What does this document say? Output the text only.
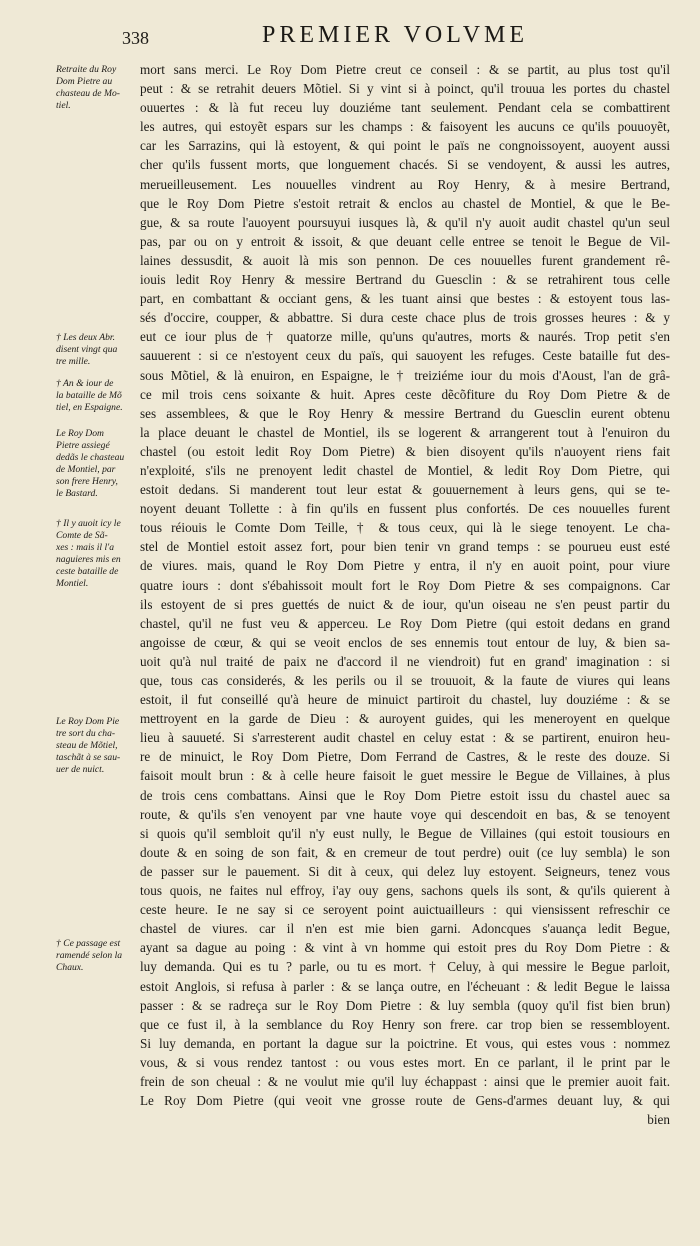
338	PREMIER VOLVME
Retraite du Roy
Dom Pietre au
chasteau de Mo-
tiel.
† Les deux Abr.
disent vingt qua
tre mille.
† An & iour de
la bataille de Mõ
tiel, en Espaigne.
Le Roy Dom
Pietre assiegé
dedãs le chasteau
de Montiel, par
son frere Henry,
le Bastard.
† Il y auoit icy le
Comte de Sã-
xes : mais il l'a
naguieres mis en
ceste bataille de
Montiel.
Le Roy Dom Pie
tre sort du cha-
steau de Mõtiel,
taschãt à se sau-
uer de nuict.
† Ce passage est
ramendé selon la
Chaux.
mort sans merci. Le Roy Dom Pietre creut ce conseil : & se partit, au plus tost qu'il
peut : & se retrahit deuers Mõtiel. Si y vint si à poinct, qu'il trouua les portes du chastel
ouuertes : & là fut receu luy douziéme tant seulement. Pendant cela se combattirent
les autres, qui estoyẽt espars sur les champs : & faisoyent les aucuns ce qu'ils pouuoyẽt,
car les Sarrazins, qui là estoyent, & qui point le païs ne congnoissoyent, auoyent aussi
cher qu'ils fussent morts, que longuement chacés. Si se vendoyent, & aussi les autres,
merueilleusement. Les nouuelles vindrent au Roy Henry, & à mesire Bertrand,
que le Roy Dom Pietre s'estoit retrait & enclos au chastel de Montiel, & que le Be-
gue, & sa route l'auoyent poursuyui iusques là, & qu'il n'y auoit audit chastel qu'un seul
pas, par ou on y entroit & issoit, & que deuant celle entree se tenoit le Begue de Vil-
laines dessusdit, & auoit là mis son pennon. De ces nouuelles furent grandement rê-
iouis ledit Roy Henry & messire Bertrand du Guesclin : & se retrahirent tous celle
part, en combattant & occiant gens, & les tuant ainsi que bestes : & estoyent tous las-
sés d'occire, coupper, & abbattre. Si dura ceste chace plus de trois grosses heures : & y
eut ce iour plus de † quatorze mille, qu'uns qu'autres, morts & naurés. Trop petit s'en
sauuerent : si ce n'estoyent ceux du païs, qui sauoyent les refuges. Ceste bataille fut des-
sous Mõtiel, & là enuiron, en Espaigne, le † treiziéme iour du mois d'Aoust, l'an de grâ-
ce mil trois cens soixante & huit. Apres ceste dẽcõfiture du Roy Dom Pietre & de
ses assemblees, & que le Roy Henry & messire Bertrand du Guesclin eurent obtenu
la place deuant le chastel de Montiel, ils se logerent & arrangerent tout à l'enuiron du
chastel (ou estoit ledit Roy Dom Pietre) & bien disoyent qu'ils n'auoyent riens fait
n'exploité, s'ils ne prenoyent ledit chastel de Montiel, & ledit Roy Dom Pietre, qui
estoit dedans. Si manderent tout leur estat & gouuernement à leurs gens, qui se te-
noyent deuant Tollette : à fin qu'ils en fussent plus confortés. De ces nouuelles furent
tous réiouis le Comte Dom Teille, † & tous ceux, qui là le siege tenoyent. Le cha-
stel de Montiel estoit assez fort, pour bien tenir vn grand temps : se pourueu eust esté
de viures. mais, quand le Roy Dom Pietre y entra, il n'y en auoit point, pour viure
quatre iours : dont s'ébahissoit moult fort le Roy Dom Pietre & ses compaignons. Car
ils estoyent de si pres guettés de nuict & de iour, qu'un oiseau ne s'en peust partir du
chastel, qu'il ne fust veu & apperceu. Le Roy Dom Pietre (qui estoit dedans en grand
angoisse de cœur, & qui se veoit enclos de ses ennemis tout entour de luy, & bien sa-
uoit qu'à nul traité de paix ne d'accord il ne viendroit) fut en grand' imagination : si
que, tous cas considerés, & les perils ou il se trouuoit, & la faute de viures qui leans
estoit, il fut conseillé qu'à heure de minuict partiroit du chastel, luy douziéme : & se
mettroyent en la garde de Dieu : & auroyent guides, qui les meneroyent en quelque
lieu à sauueté. Si s'arresterent audit chastel en celuy estat : & se partirent, enuiron heu-
re de minuict, le Roy Dom Pietre, Dom Ferrand de Castres, & le reste des douze. Si
faisoit moult brun : & à celle heure faisoit le guet messire le Begue de Villaines, à plus
de trois cens combattans. Ainsi que le Roy Dom Pietre estoit issu du chastel auec sa
route, & qu'ils s'en venoyent par vne haute voye qui descendoit en bas, & se tenoyent
si quois qu'il sembloit qu'il n'y eust nully, le Begue de Villaines (qui estoit tousiours en
doute & en soing de son fait, & en cremeur de tout perdre) ouit (ce luy sembla) le son
de passer sur le pauement. Si dit à ceux, qui delez luy estoyent. Seigneurs, tenez vous
tous quois, ne faites nul effroy, i'ay ouy gens, sachons quels ils sont, & qu'ils quierent à
ceste heure. Ie ne say si ce seroyent point auictuailleurs : qui viensissent refreschir ce
chastel de viures. car il n'en est mie bien garni. Adoncques s'auança ledit Begue,
ayant sa dague au poing : & vint à vn homme qui estoit pres du Roy Dom Pietre : &
luy demanda. Qui es tu ? parle, ou tu es mort. † Celuy, à qui messire le Begue parloit,
estoit Anglois, si refusa à parler : & se lança outre, en l'écheuant : & ledit Begue le laissa
passer : & se radreça sur le Roy Dom Pietre : & luy sembla (quoy qu'il fist bien brun)
que ce fust il, à la semblance du Roy Henry son frere. car trop bien se ressembloyent.
Si luy demanda, en portant la dague sur la poictrine. Et vous, qui estes vous : nommez
vous, & si vous rendez tantost : ou vous estes mort. En ce parlant, il le print par le
frein de son cheual : & ne voulut mie qu'il luy échappast : ainsi que le premier auoit fait.
Le Roy Dom Pietre (qui veoit vne grosse route de Gens-d'armes deuant luy, & qui
bien
